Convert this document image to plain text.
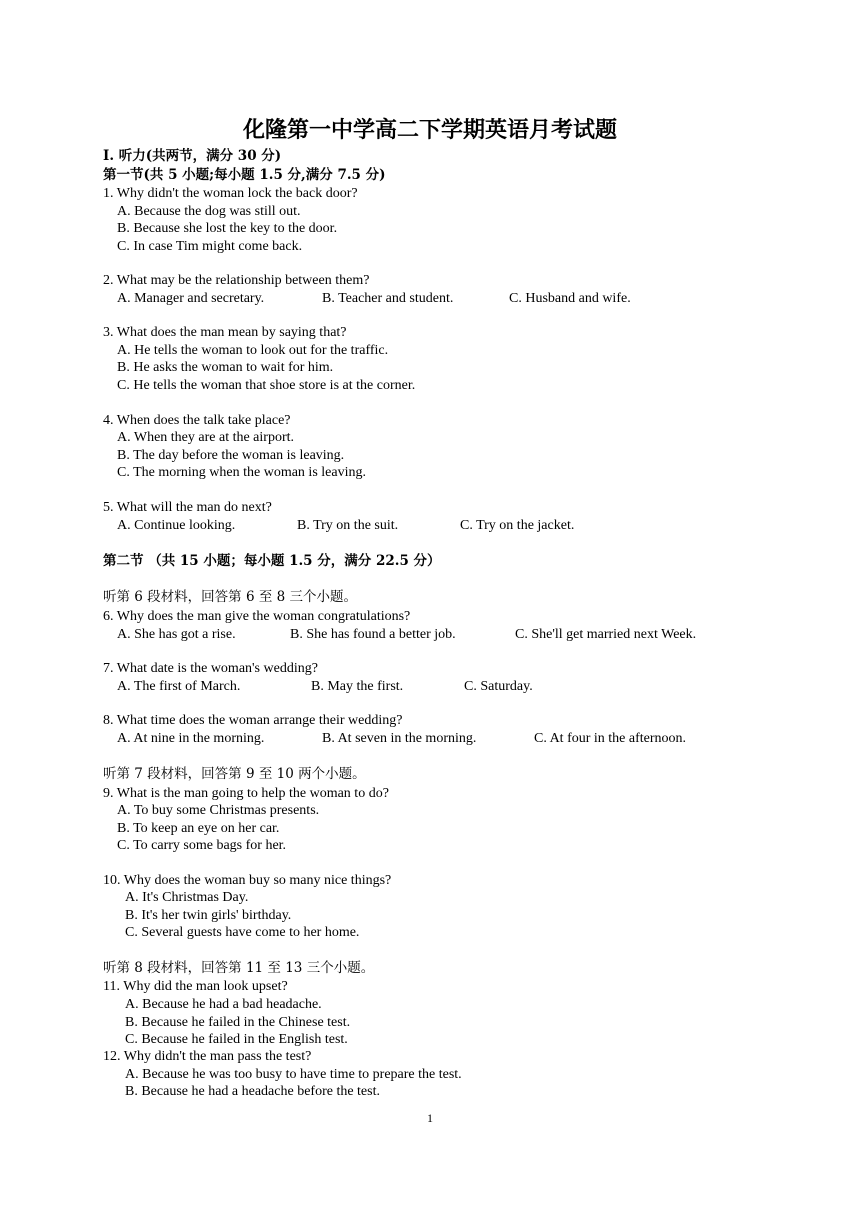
化隆第一中学高二下学期英语月考试题
I. 听力(共两节，满分 30 分)
第一节(共 5 小题;每小题 1.5 分,满分 7.5 分)
1. Why didn't the woman lock the back door?
A. Because the dog was still out.
B. Because she lost the key to the door.
C. In case Tim might come back.
2. What may be the relationship between them?
A. Manager and secretary.	B. Teacher and student.	C. Husband and wife.
3. What does the man mean by saying that?
A. He tells the woman to look out for the traffic.
B. He asks the woman to wait for him.
C. He tells the woman that shoe store is at the corner.
4. When does the talk take place?
A. When they are at the airport.
B. The day before the woman is leaving.
C. The morning when the woman is leaving.
5. What will the man do next?
A. Continue looking.	B. Try on the suit.	C. Try on the jacket.
第二节 （共 15 小题；每小题 1.5 分，满分 22.5 分）
听第 6 段材料，回答第 6 至 8 三个小题。
6. Why does the man give the woman congratulations?
A. She has got a rise.	B. She has found a better job.	C. She'll get married next Week.
7. What date is the woman's wedding?
A. The first of March.	B. May the first.	C. Saturday.
8. What time does the woman arrange their wedding?
A. At nine in the morning.	B. At seven in the morning.	C. At four in the afternoon.
听第 7 段材料，回答第 9 至 10 两个小题。
9. What is the man going to help the woman to do?
A. To buy some Christmas presents.
B. To keep an eye on her car.
C. To carry some bags for her.
10. Why does the woman buy so many nice things?
A. It's Christmas Day.
B. It's her twin girls' birthday.
C. Several guests have come to her home.
听第 8 段材料，回答第 11 至 13 三个小题。
11. Why did the man look upset?
A. Because he had a bad headache.
B. Because he failed in the Chinese test.
C. Because he failed in the English test.
12. Why didn't the man pass the test?
A. Because he was too busy to have time to prepare the test.
B. Because he had a headache before the test.
1
